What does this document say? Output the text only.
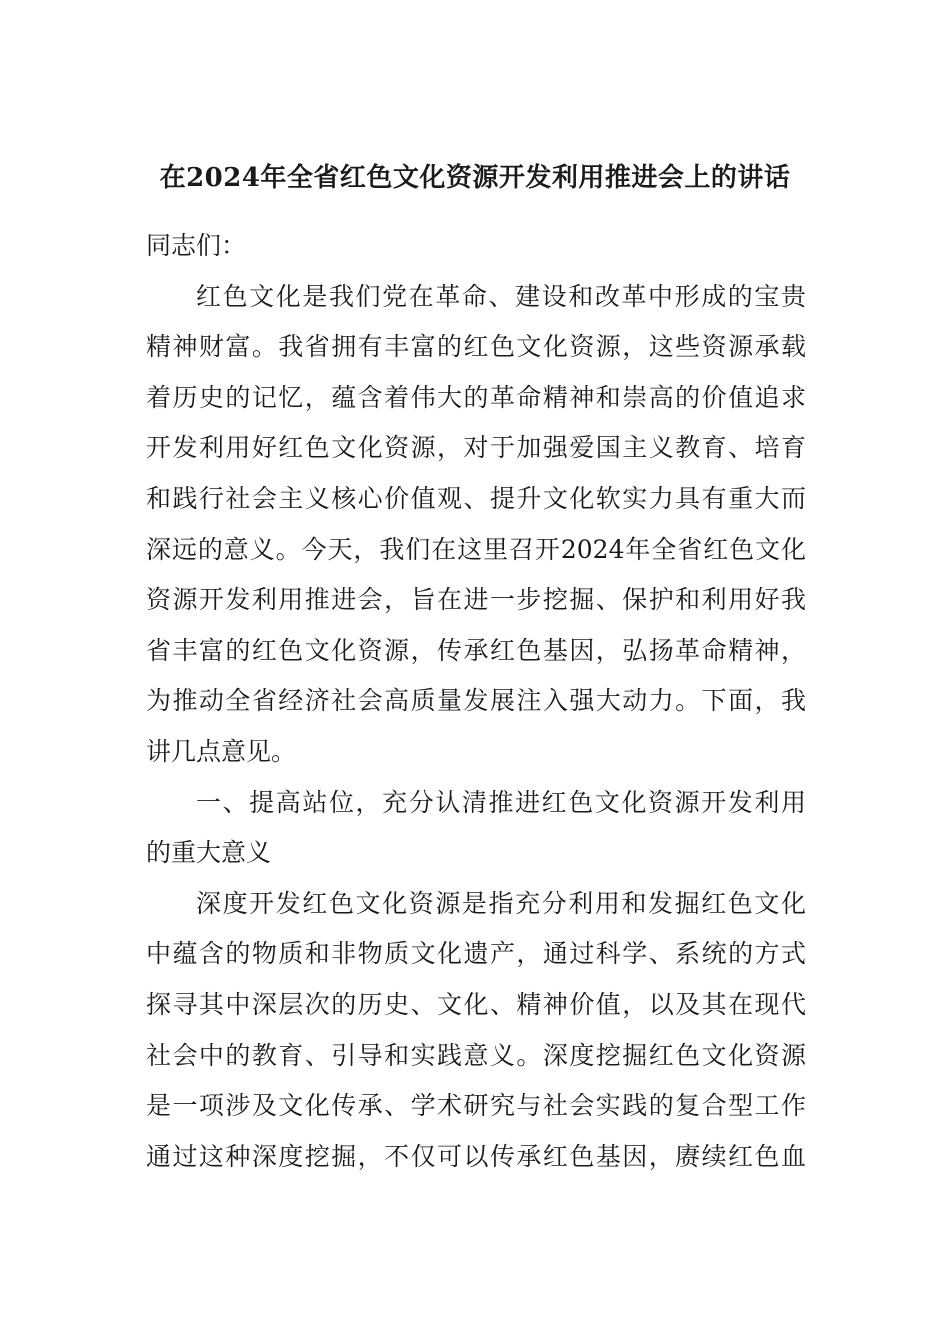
在2024年全省红色文化资源开发利用推进会上的讲话
同志们：
红色文化是我们党在革命、建设和改革中形成的宝贵
精神财富。我省拥有丰富的红色文化资源，这些资源承载
着历史的记忆，蕴含着伟大的革命精神和崇高的价值追求
开发利用好红色文化资源，对于加强爱国主义教育、培育
和践行社会主义核心价值观、提升文化软实力具有重大而
深远的意义。今天，我们在这里召开2024年全省红色文化
资源开发利用推进会，旨在进一步挖掘、保护和利用好我
省丰富的红色文化资源，传承红色基因，弘扬革命精神，
为推动全省经济社会高质量发展注入强大动力。下面，我
讲几点意见。
一、提高站位，充分认清推进红色文化资源开发利用
的重大意义
深度开发红色文化资源是指充分利用和发掘红色文化
中蕴含的物质和非物质文化遗产，通过科学、系统的方式
探寻其中深层次的历史、文化、精神价值，以及其在现代
社会中的教育、引导和实践意义。深度挖掘红色文化资源
是一项涉及文化传承、学术研究与社会实践的复合型工作
通过这种深度挖掘，不仅可以传承红色基因，赓续红色血
